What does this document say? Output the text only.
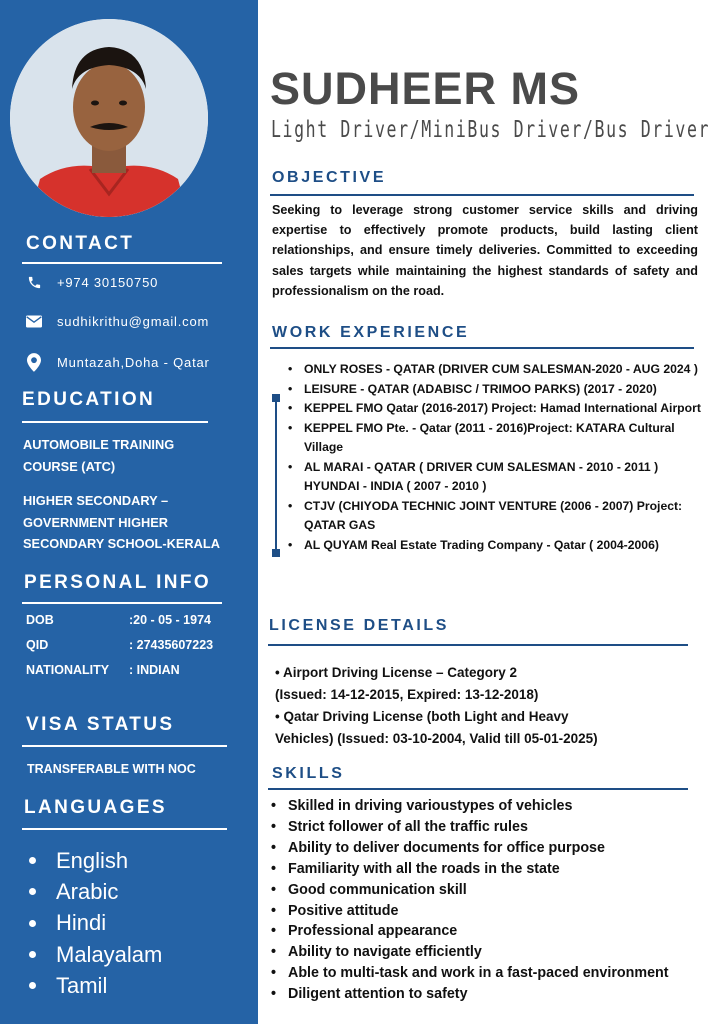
CONTACT
+974 30150750
sudhikrithu@gmail.com
Muntazah,Doha - Qatar
EDUCATION
AUTOMOBILE TRAINING COURSE (ATC)
HIGHER SECONDARY – GOVERNMENT HIGHER SECONDARY SCHOOL-KERALA
PERSONAL INFO
DOB	:20 - 05 - 1974
QID	: 27435607223
NATIONALITY	: INDIAN
VISA STATUS
TRANSFERABLE WITH NOC
LANGUAGES
English
Arabic
Hindi
Malayalam
Tamil
SUDHEER MS
Light Driver/MiniBus Driver/Bus Driver
OBJECTIVE
Seeking to leverage strong customer service skills and driving expertise to effectively promote products, build lasting client relationships, and ensure timely deliveries. Committed to exceeding sales targets while maintaining the highest standards of safety and professionalism on the road.
WORK EXPERIENCE
• ONLY ROSES - QATAR (DRIVER CUM SALESMAN-2020 - AUG 2024 )
• LEISURE - QATAR (ADABISC / TRIMOO PARKS) (2017 - 2020)
• KEPPEL FMO Qatar (2016-2017) Project: Hamad International Airport
• KEPPEL FMO Pte. - Qatar (2011 - 2016)Project: KATARA Cultural Village
• AL MARAI - QATAR ( DRIVER CUM SALESMAN - 2010 - 2011 ) HYUNDAI - INDIA ( 2007 - 2010 )
• CTJV (CHIYODA TECHNIC JOINT VENTURE (2006 - 2007) Project: QATAR GAS
• AL QUYAM Real Estate Trading Company - Qatar ( 2004-2006)
LICENSE DETAILS
• Airport Driving License – Category 2
(Issued: 14-12-2015, Expired: 13-12-2018)
• Qatar Driving License (both Light and Heavy
Vehicles) (Issued: 03-10-2004, Valid till 05-01-2025)
SKILLS
• Skilled in driving varioustypes of vehicles
• Strict follower of all the traffic rules
• Ability to deliver documents for office purpose
• Familiarity with all the roads in the state
• Good communication skill
• Positive attitude
• Professional appearance
• Ability to navigate efficiently
• Able to multi-task and work in a fast-paced environment
• Diligent attention to safety
